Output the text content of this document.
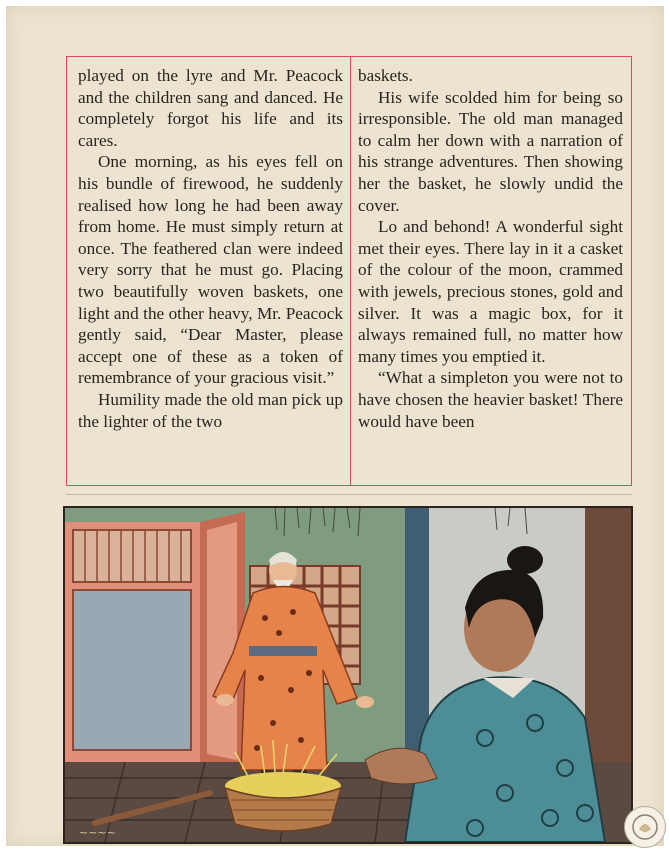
played on the lyre and Mr. Peacock and the children sang and danced. He completely forgot his life and its cares.

One morning, as his eyes fell on his bundle of firewood, he suddenly realised how long he had been away from home. He must simply return at once. The feathered clan were indeed very sorry that he must go. Placing two beautifully woven baskets, one light and the other heavy, Mr. Peacock gently said, “Dear Master, please accept one of these as a token of remembrance of your gracious visit.”

Humility made the old man pick up the lighter of the two

baskets.

His wife scolded him for being so irresponsible. The old man managed to calm her down with a narration of his strange adventures. Then showing her the basket, he slowly undid the cover.

Lo and behond! A wonderful sight met their eyes. There lay in it a casket of the colour of the moon, crammed with jewels, precious stones, gold and silver. It was a magic box, for it always remained full, no matter how many times you emptied it.

“What a simpleton you were not to have chosen the heavier basket! There would have been

~~~~
